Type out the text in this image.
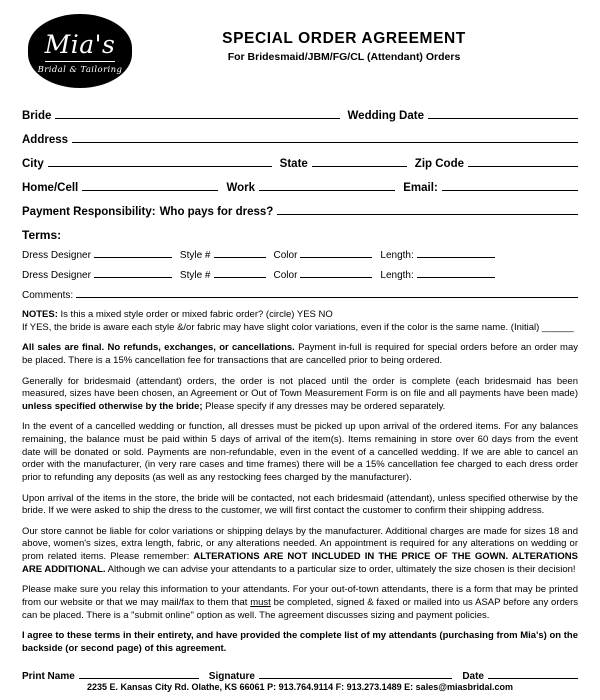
Mia's
Bridal & Tailoring
SPECIAL ORDER AGREEMENT
For Bridesmaid/JBM/FG/CL (Attendant) Orders
Bride	Wedding Date
Address
City	State	Zip Code
Home/Cell	Work	Email:
Payment Responsibility: Who pays for dress?
Terms:
Dress Designer	Style #	Color	Length:
Dress Designer	Style #	Color	Length:
Comments:

NOTES: Is this a mixed style order or mixed fabric order? (circle) YES NO
If YES, the bride is aware each style &/or fabric may have slight color variations, even if the color is the same name. (Initial) ______

All sales are final. No refunds, exchanges, or cancellations. Payment in-full is required for special orders before an order may be placed. There is a 15% cancellation fee for transactions that are cancelled prior to being ordered.

Generally for bridesmaid (attendant) orders, the order is not placed until the order is complete (each bridesmaid has been measured, sizes have been chosen, an Agreement or Out of Town Measurement Form is on file and all payments have been made) unless specified otherwise by the bride; Please specify if any dresses may be ordered separately.

In the event of a cancelled wedding or function, all dresses must be picked up upon arrival of the ordered items. For any balances remaining, the balance must be paid within 5 days of arrival of the item(s). Items remaining in store over 60 days from the event date will be donated or sold. Payments are non-refundable, even in the event of a cancelled wedding. If we are able to cancel an order with the manufacturer, (in very rare cases and time frames) there will be a 15% cancellation fee charged to each dress order prior to refunding any deposits (as well as any restocking fees charged by the manufacturer).

Upon arrival of the items in the store, the bride will be contacted, not each bridesmaid (attendant), unless specified otherwise by the bride. If we were asked to ship the dress to the customer, we will first contact the customer to confirm their shipping address.

Our store cannot be liable for color variations or shipping delays by the manufacturer. Additional charges are made for sizes 18 and above, women's sizes, extra length, fabric, or any alterations needed. An appointment is required for any alterations on wedding or prom related items. Please remember: ALTERATIONS ARE NOT INCLUDED IN THE PRICE OF THE GOWN. ALTERATIONS ARE ADDITIONAL. Although we can advise your attendants to a particular size to order, ultimately the size chosen is their decision!

Please make sure you relay this information to your attendants. For your out-of-town attendants, there is a form that may be printed from our website or that we may mail/fax to them that must be completed, signed & faxed or mailed into us ASAP before any orders can be placed. There is a "submit online" option as well. The agreement discusses sizing and payment policies.

I agree to these terms in their entirety, and have provided the complete list of my attendants (purchasing from Mia's) on the backside (or second page) of this agreement.

Print Name	Signature	Date
2235 E. Kansas City Rd. Olathe, KS 66061 P: 913.764.9114 F: 913.273.1489 E: sales@miasbridal.com
